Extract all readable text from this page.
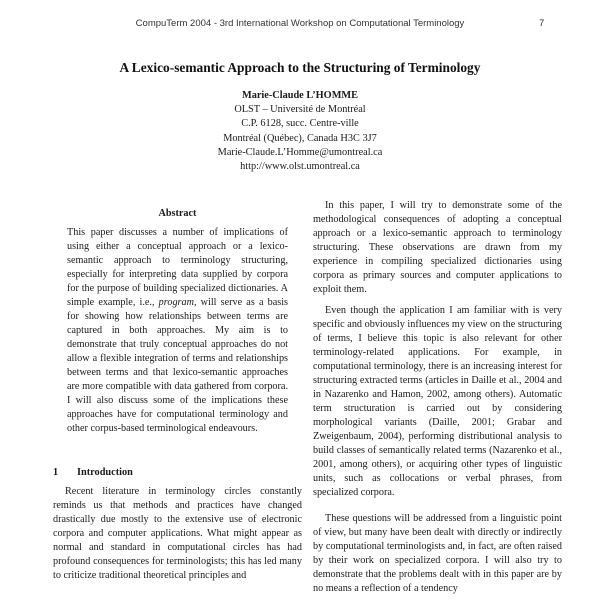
CompuTerm 2004 - 3rd International Workshop on Computational Terminology	7
A Lexico-semantic Approach to the Structuring of Terminology
Marie-Claude L’HOMME
OLST – Université de Montréal
C.P. 6128, succ. Centre-ville
Montréal (Québec), Canada H3C 3J7
Marie-Claude.L’Homme@umontreal.ca
http://www.olst.umontreal.ca
Abstract

This paper discusses a number of implications of using either a conceptual approach or a lexico-semantic approach to terminology structuring, especially for interpreting data supplied by corpora for the purpose of building specialized dictionaries. A simple example, i.e., program, will serve as a basis for showing how relationships between terms are captured in both approaches. My aim is to demonstrate that truly conceptual approaches do not allow a flexible integration of terms and relationships between terms and that lexico-semantic approaches are more compatible with data gathered from corpora. I will also discuss some of the implications these approaches have for computational terminology and other corpus-based terminological endeavours.

1 Introduction

Recent literature in terminology circles constantly reminds us that methods and practices have changed drastically due mostly to the extensive use of electronic corpora and computer applications. What might appear as normal and standard in computational circles has had profound consequences for terminologists; this has led many to criticize traditional theoretical principles and

In this paper, I will try to demonstrate some of the methodological consequences of adopting a conceptual approach or a lexico-semantic approach to terminology structuring. These observations are drawn from my experience in compiling specialized dictionaries using corpora as primary sources and computer applications to exploit them.

Even though the application I am familiar with is very specific and obviously influences my view on the structuring of terms, I believe this topic is also relevant for other terminology-related applications. For example, in computational terminology, there is an increasing interest for structuring extracted terms (articles in Daille et al., 2004 and in Nazarenko and Hamon, 2002, among others). Automatic term structuration is carried out by considering morphological variants (Daille, 2001; Grabar and Zweigenbaum, 2004), performing distributional analysis to build classes of semantically related terms (Nazarenko et al., 2001, among others), or acquiring other types of linguistic units, such as collocations or verbal phrases, from specialized corpora.

These questions will be addressed from a linguistic point of view, but many have been dealt with directly or indirectly by computational terminologists and, in fact, are often raised by their work on specialized corpora. I will also try to demonstrate that the problems dealt with in this paper are by no means a reflection of a tendency
